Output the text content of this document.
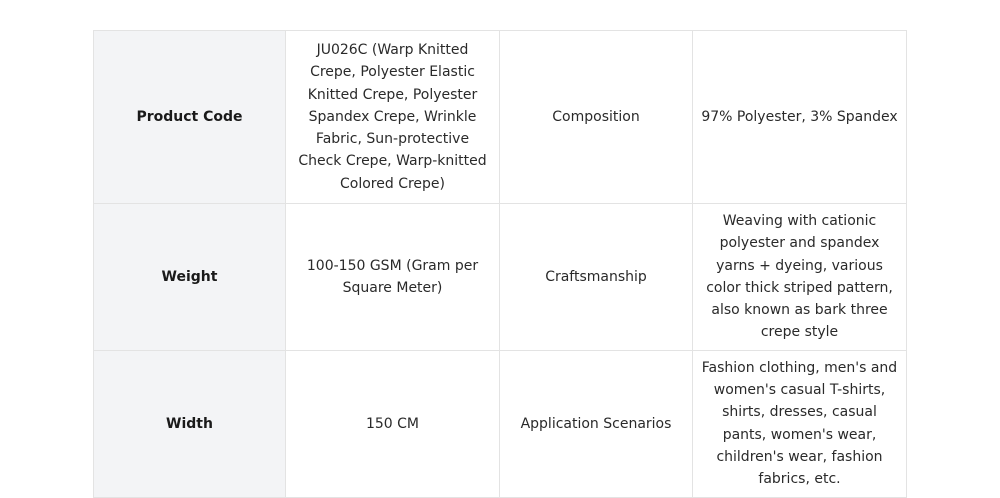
Product Code	JU026C (Warp Knitted Crepe, Polyester Elastic Knitted Crepe, Polyester Spandex Crepe, Wrinkle Fabric, Sun-protective Check Crepe, Warp-knitted Colored Crepe)	Composition	97% Polyester, 3% Spandex
Weight	100-150 GSM (Gram per Square Meter)	Craftsmanship	Weaving with cationic polyester and spandex yarns + dyeing, various color thick striped pattern, also known as bark three crepe style
Width	150 CM	Application Scenarios	Fashion clothing, men's and women's casual T-shirts, shirts, dresses, casual pants, women's wear, children's wear, fashion fabrics, etc.
